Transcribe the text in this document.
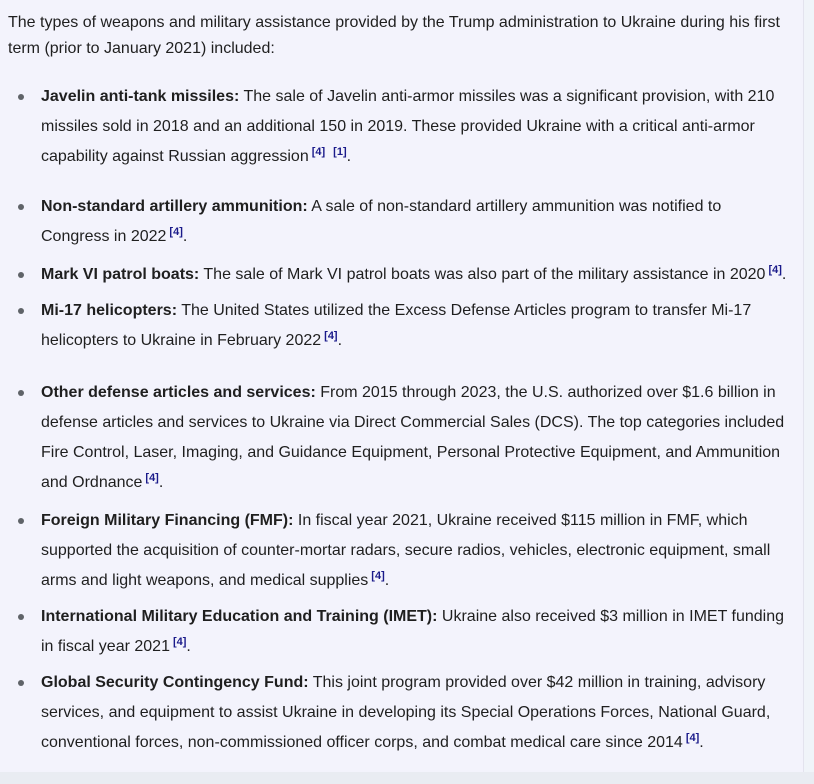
The types of weapons and military assistance provided by the Trump administration to Ukraine during his first term (prior to January 2021) included:

Javelin anti-tank missiles: The sale of Javelin anti-armor missiles was a significant provision, with 210 missiles sold in 2018 and an additional 150 in 2019. These provided Ukraine with a critical anti-armor capability against Russian aggression [4] [1].
Non-standard artillery ammunition: A sale of non-standard artillery ammunition was notified to Congress in 2022 [4].
Mark VI patrol boats: The sale of Mark VI patrol boats was also part of the military assistance in 2020 [4].
Mi-17 helicopters: The United States utilized the Excess Defense Articles program to transfer Mi-17 helicopters to Ukraine in February 2022 [4].
Other defense articles and services: From 2015 through 2023, the U.S. authorized over $1.6 billion in defense articles and services to Ukraine via Direct Commercial Sales (DCS). The top categories included Fire Control, Laser, Imaging, and Guidance Equipment, Personal Protective Equipment, and Ammunition and Ordnance [4].
Foreign Military Financing (FMF): In fiscal year 2021, Ukraine received $115 million in FMF, which supported the acquisition of counter-mortar radars, secure radios, vehicles, electronic equipment, small arms and light weapons, and medical supplies [4].
International Military Education and Training (IMET): Ukraine also received $3 million in IMET funding in fiscal year 2021 [4].
Global Security Contingency Fund: This joint program provided over $42 million in training, advisory services, and equipment to assist Ukraine in developing its Special Operations Forces, National Guard, conventional forces, non-commissioned officer corps, and combat medical care since 2014 [4].
